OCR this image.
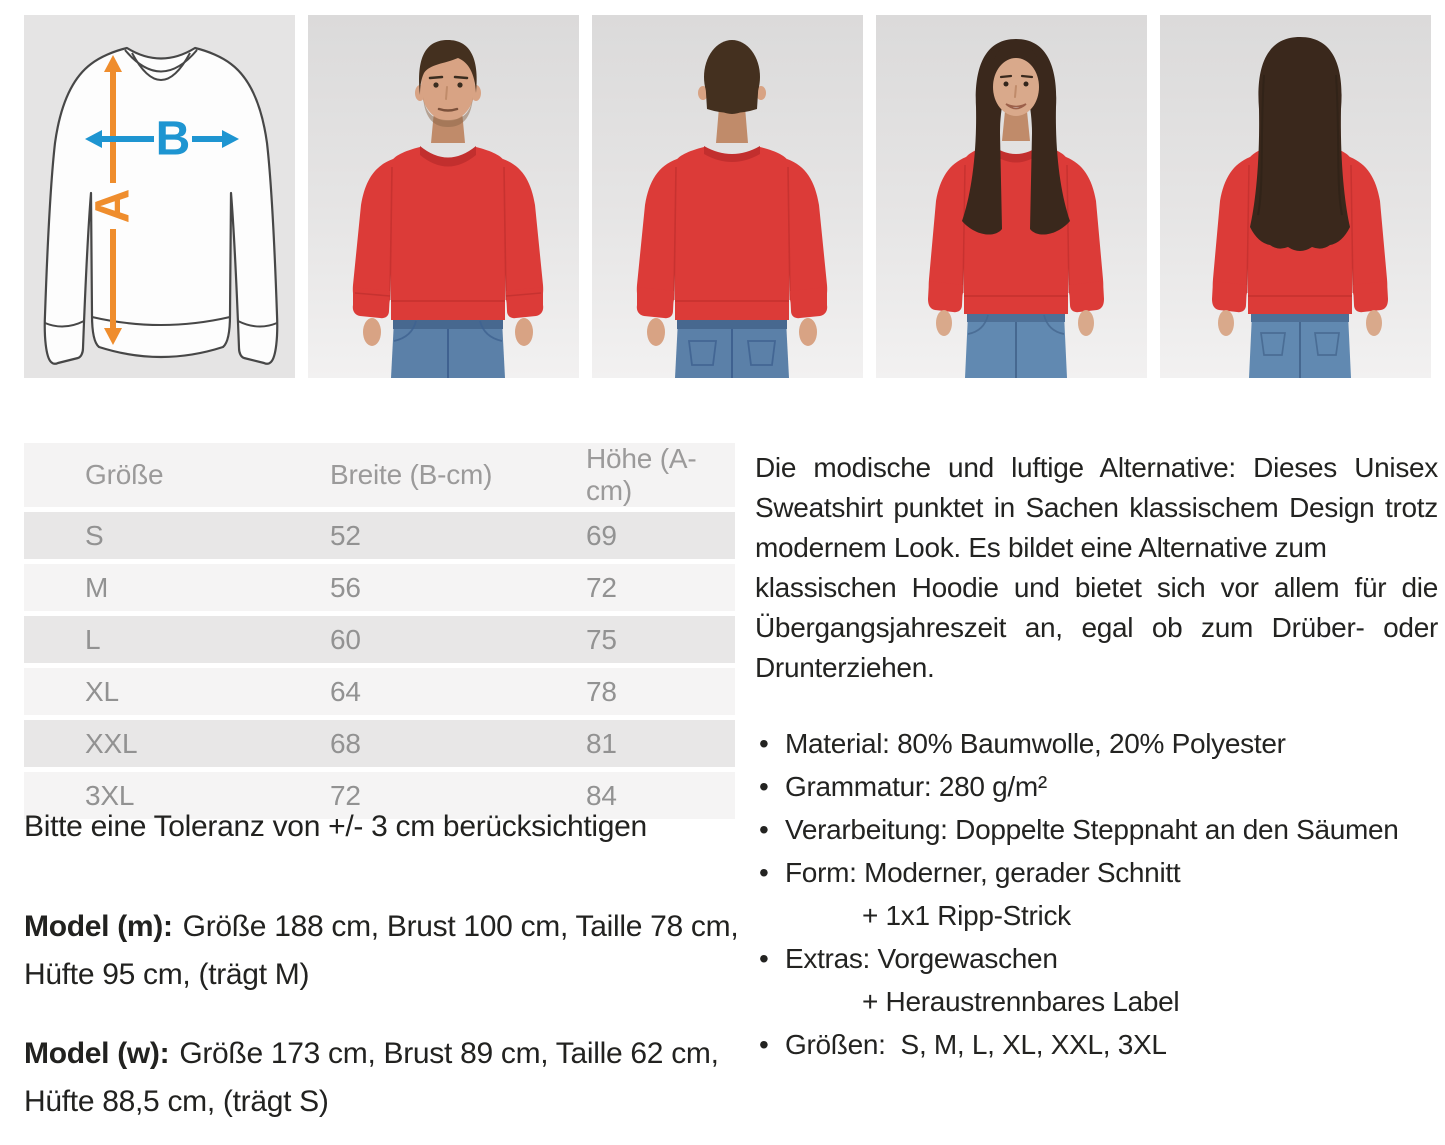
A
B
Größe	Breite (B-cm)	Höhe (A-cm)
S	52	69
M	56	72
L	60	75
XL	64	78
XXL	68	81
3XL	72	84
Bitte eine Toleranz von +/- 3 cm berücksichtigen
Model (m): Größe 188 cm, Brust 100 cm, Taille 78 cm,
Hüfte 95 cm, (trägt M)
Model (w): Größe 173 cm, Brust 89 cm, Taille 62 cm,
Hüfte 88,5 cm, (trägt S)

Die modische und luftige Alternative: Dieses Unisex Sweatshirt punktet in Sachen klassischem Design trotz modernem Look. Es bildet eine Alternative zum

klassischen Hoodie und bietet sich vor allem für die Übergangsjahreszeit an, egal ob zum Drüber- oder Drunterziehen.

• Material: 80% Baumwolle, 20% Polyester
• Grammatur: 280 g/m²
• Verarbeitung: Doppelte Steppnaht an den Säumen
• Form: Moderner, gerader Schnitt
+ 1x1 Ripp-Strick
• Extras: Vorgewaschen
+ Heraustrennbares Label
• Größen:  S, M, L, XL, XXL, 3XL
